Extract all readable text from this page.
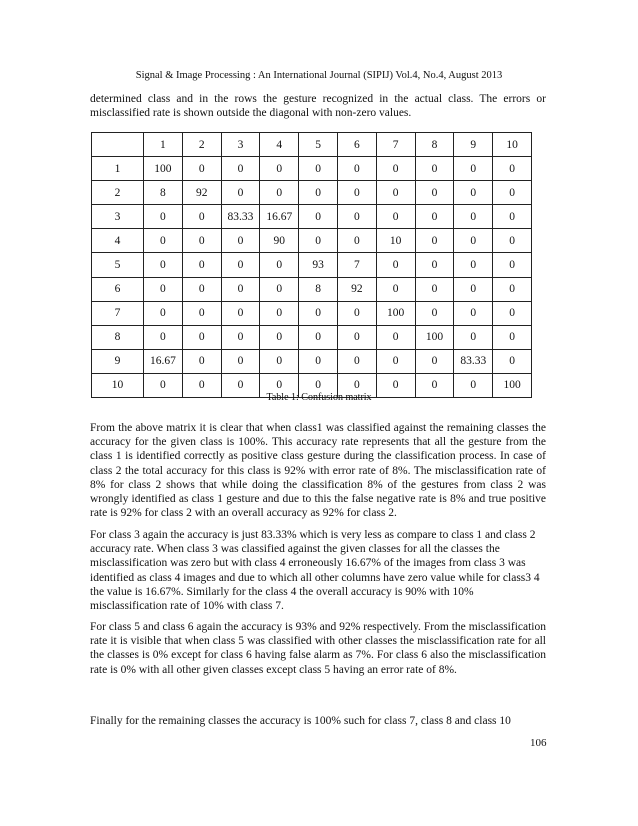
Signal & Image Processing : An International Journal (SIPIJ) Vol.4, No.4, August 2013
determined class and in the rows the gesture recognized in the actual class. The errors or misclassified rate is shown outside the diagonal with non-zero values.
	1	2	3	4	5	6	7	8	9	10
1	100	0	0	0	0	0	0	0	0	0
2	8	92	0	0	0	0	0	0	0	0
3	0	0	83.33	16.67	0	0	0	0	0	0
4	0	0	0	90	0	0	10	0	0	0
5	0	0	0	0	93	7	0	0	0	0
6	0	0	0	0	8	92	0	0	0	0
7	0	0	0	0	0	0	100	0	0	0
8	0	0	0	0	0	0	0	100	0	0
9	16.67	0	0	0	0	0	0	0	83.33	0
10	0	0	0	0	0	0	0	0	0	100
Table 1: Confusion matrix
From the above matrix it is clear that when class1 was classified against the remaining classes the accuracy for the given class is 100%. This accuracy rate represents that all the gesture from the class 1 is identified correctly as positive class gesture during the classification process. In case of class 2 the total accuracy for this class is 92% with error rate of 8%. The misclassification rate of 8% for class 2 shows that while doing the classification 8% of the gestures from class 2 was wrongly identified as class 1 gesture and due to this the false negative rate is 8% and true positive rate is 92% for class 2 with an overall accuracy as 92% for class 2.
For class 3 again the accuracy is just 83.33% which is very less as compare to class 1 and class 2 accuracy rate. When class 3 was classified against the given classes for all the classes the misclassification was zero but with class 4 erroneously 16.67% of the images from class 3 was identified as class 4 images and due to which all other columns have zero value while for class3 4 the value is 16.67%. Similarly for the class 4 the overall accuracy is 90% with 10% misclassification rate of 10% with class 7.
For class 5 and class 6 again the accuracy is 93% and 92% respectively. From the misclassification rate it is visible that when class 5 was classified with other classes the misclassification rate for all the classes is 0% except for class 6 having false alarm as 7%. For class 6 also the misclassification rate is 0% with all other given classes except class 5 having an error rate of 8%.
Finally for the remaining classes the accuracy is 100% such for class 7, class 8 and class 10
106
